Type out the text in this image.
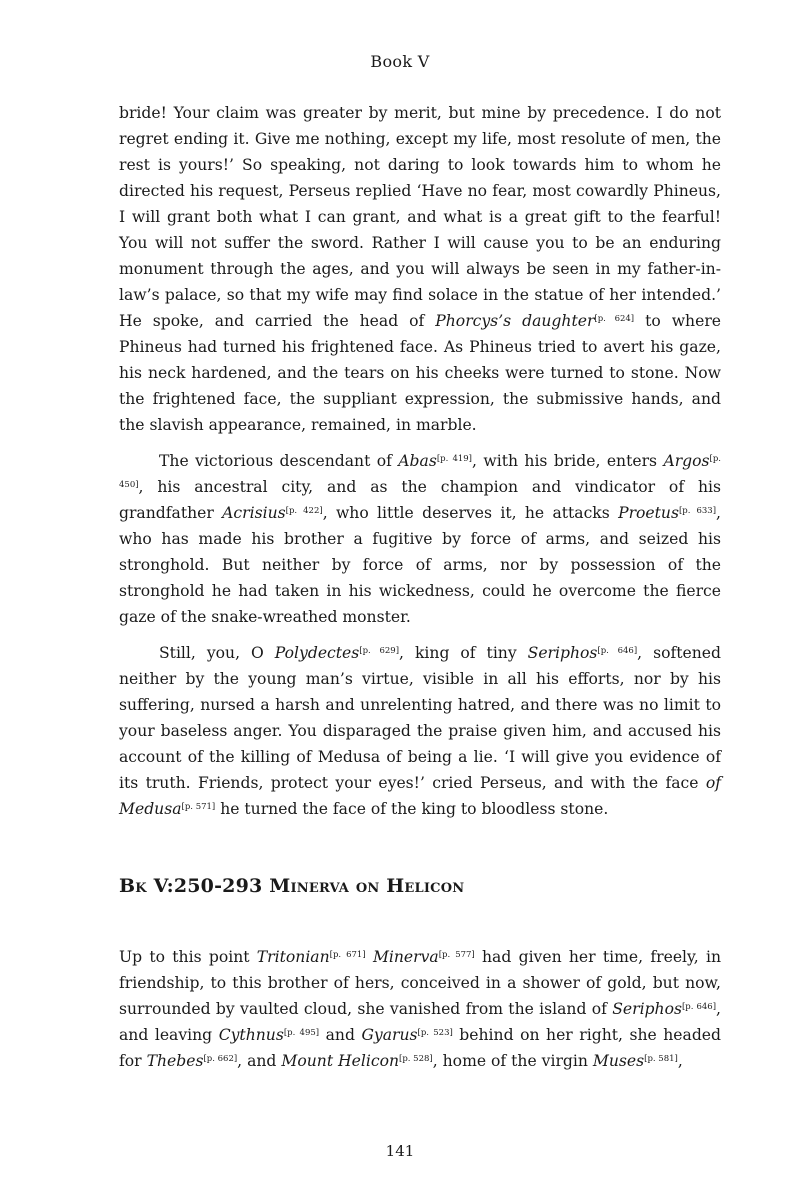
Book V

bride! Your claim was greater by merit, but mine by precedence. I do not regret ending it. Give me nothing, except my life, most resolute of men, the rest is yours!’ So speaking, not daring to look towards him to whom he directed his request, Perseus replied ‘Have no fear, most cowardly Phineus, I will grant both what I can grant, and what is a great gift to the fearful! You will not suffer the sword. Rather I will cause you to be an enduring monument through the ages, and you will always be seen in my father-in-law’s palace, so that my wife may find solace in the statue of her intended.’ He spoke, and carried the head of Phorcys’s daughter[p. 624] to where Phineus had turned his frightened face. As Phineus tried to avert his gaze, his neck hardened, and the tears on his cheeks were turned to stone. Now the frightened face, the suppliant expression, the submissive hands, and the slavish appearance, remained, in marble.

The victorious descendant of Abas[p. 419], with his bride, enters Argos[p. 450], his ancestral city, and as the champion and vindicator of his grandfather Acrisius[p. 422], who little deserves it, he attacks Proetus[p. 633], who has made his brother a fugitive by force of arms, and seized his stronghold. But neither by force of arms, nor by possession of the stronghold he had taken in his wickedness, could he overcome the fierce gaze of the snake-wreathed monster.

Still, you, O Polydectes[p. 629], king of tiny Seriphos[p. 646], softened neither by the young man’s virtue, visible in all his efforts, nor by his suffering, nursed a harsh and unrelenting hatred, and there was no limit to your baseless anger. You disparaged the praise given him, and accused his account of the killing of Medusa of being a lie. ‘I will give you evidence of its truth. Friends, protect your eyes!’ cried Perseus, and with the face of Medusa[p. 571] he turned the face of the king to bloodless stone.

Bk V:250-293 Minerva on Helicon

Up to this point Tritonian[p. 671] Minerva[p. 577] had given her time, freely, in friendship, to this brother of hers, conceived in a shower of gold, but now, surrounded by vaulted cloud, she vanished from the island of Seriphos[p. 646], and leaving Cythnus[p. 495] and Gyarus[p. 523] behind on her right, she headed for Thebes[p. 662], and Mount Helicon[p. 528], home of the virgin Muses[p. 581],

141
